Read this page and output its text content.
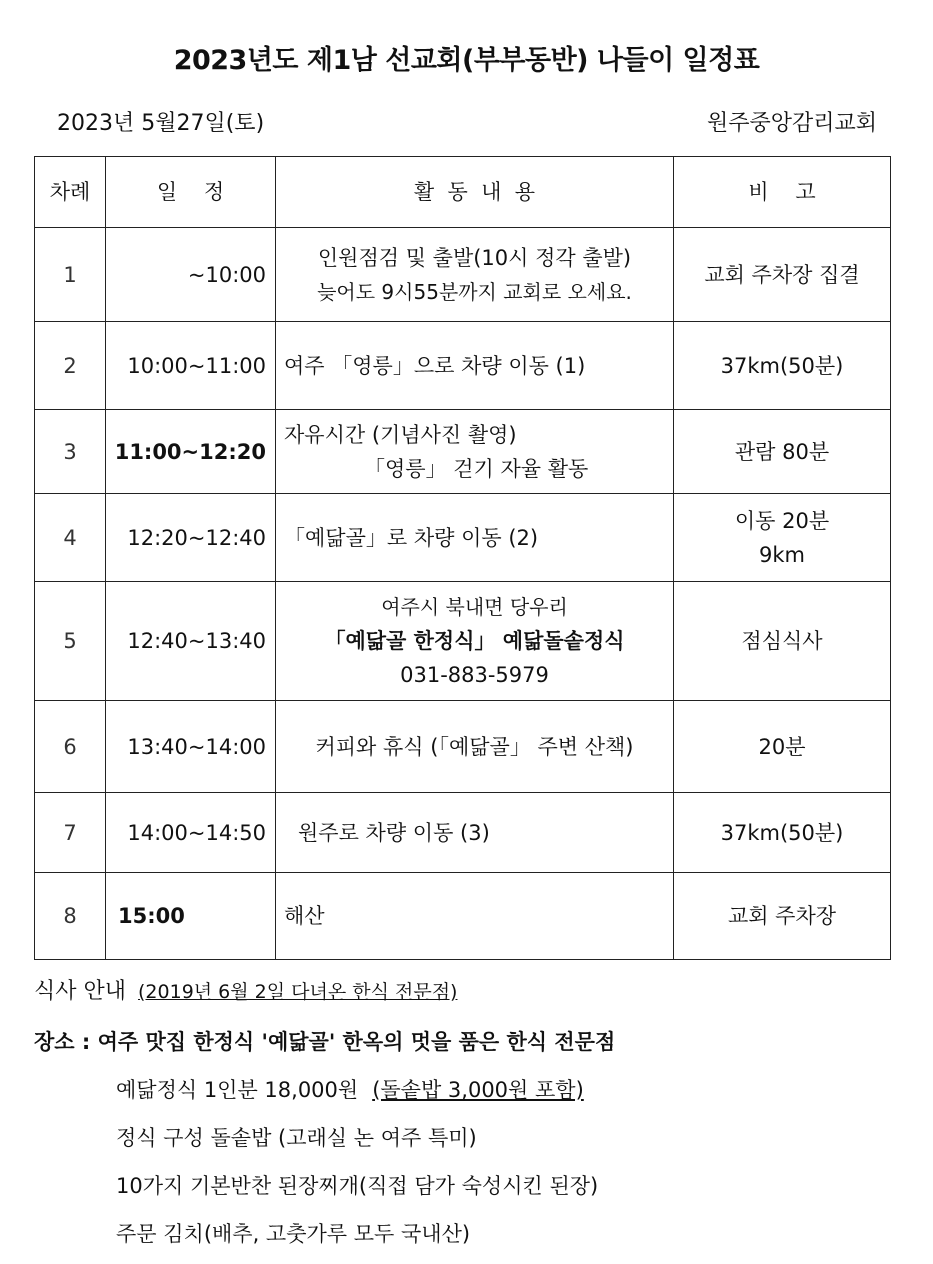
2023년도 제1남 선교회(부부동반) 나들이 일정표
2023년 5월27일(토)	원주중앙감리교회
차례	일    정	활  동  내  용	비    고
1	~10:00	인원점검 및 출발(10시 정각 출발)
늦어도 9시55분까지 교회로 오세요.	교회 주차장 집결

2	10:00~11:00	여주 「영릉」으로 차량 이동 (1)	37km(50분)

3	11:00~12:20	자유시간 (기념사진 촬영)
「영릉」 걷기 자율 활동	관람 80분

4	12:20~12:40	「예닮골」로 차량 이동 (2)	이동 20분
9km

5	12:40~13:40	여주시 북내면 당우리
「예닮골 한정식」 예닮돌솥정식
031-883-5979	점심식사

6	13:40~14:00	커피와 휴식 (「예닮골」 주변 산책)	20분

7	14:00~14:50	원주로 차량 이동 (3)	37km(50분)

8	15:00	해산	교회 주차장
식사 안내 (2019년 6월 2일 다녀온 한식 전문점)
장소 : 여주 맛집 한정식 '예닮골' 한옥의 멋을 품은 한식 전문점
예닮정식 1인분 18,000원 (돌솥밥 3,000원 포함)
정식 구성 돌솥밥 (고래실 논 여주 특미)
10가지 기본반찬 된장찌개(직접 담가 숙성시킨 된장)
주문 김치(배추, 고춧가루 모두 국내산)
